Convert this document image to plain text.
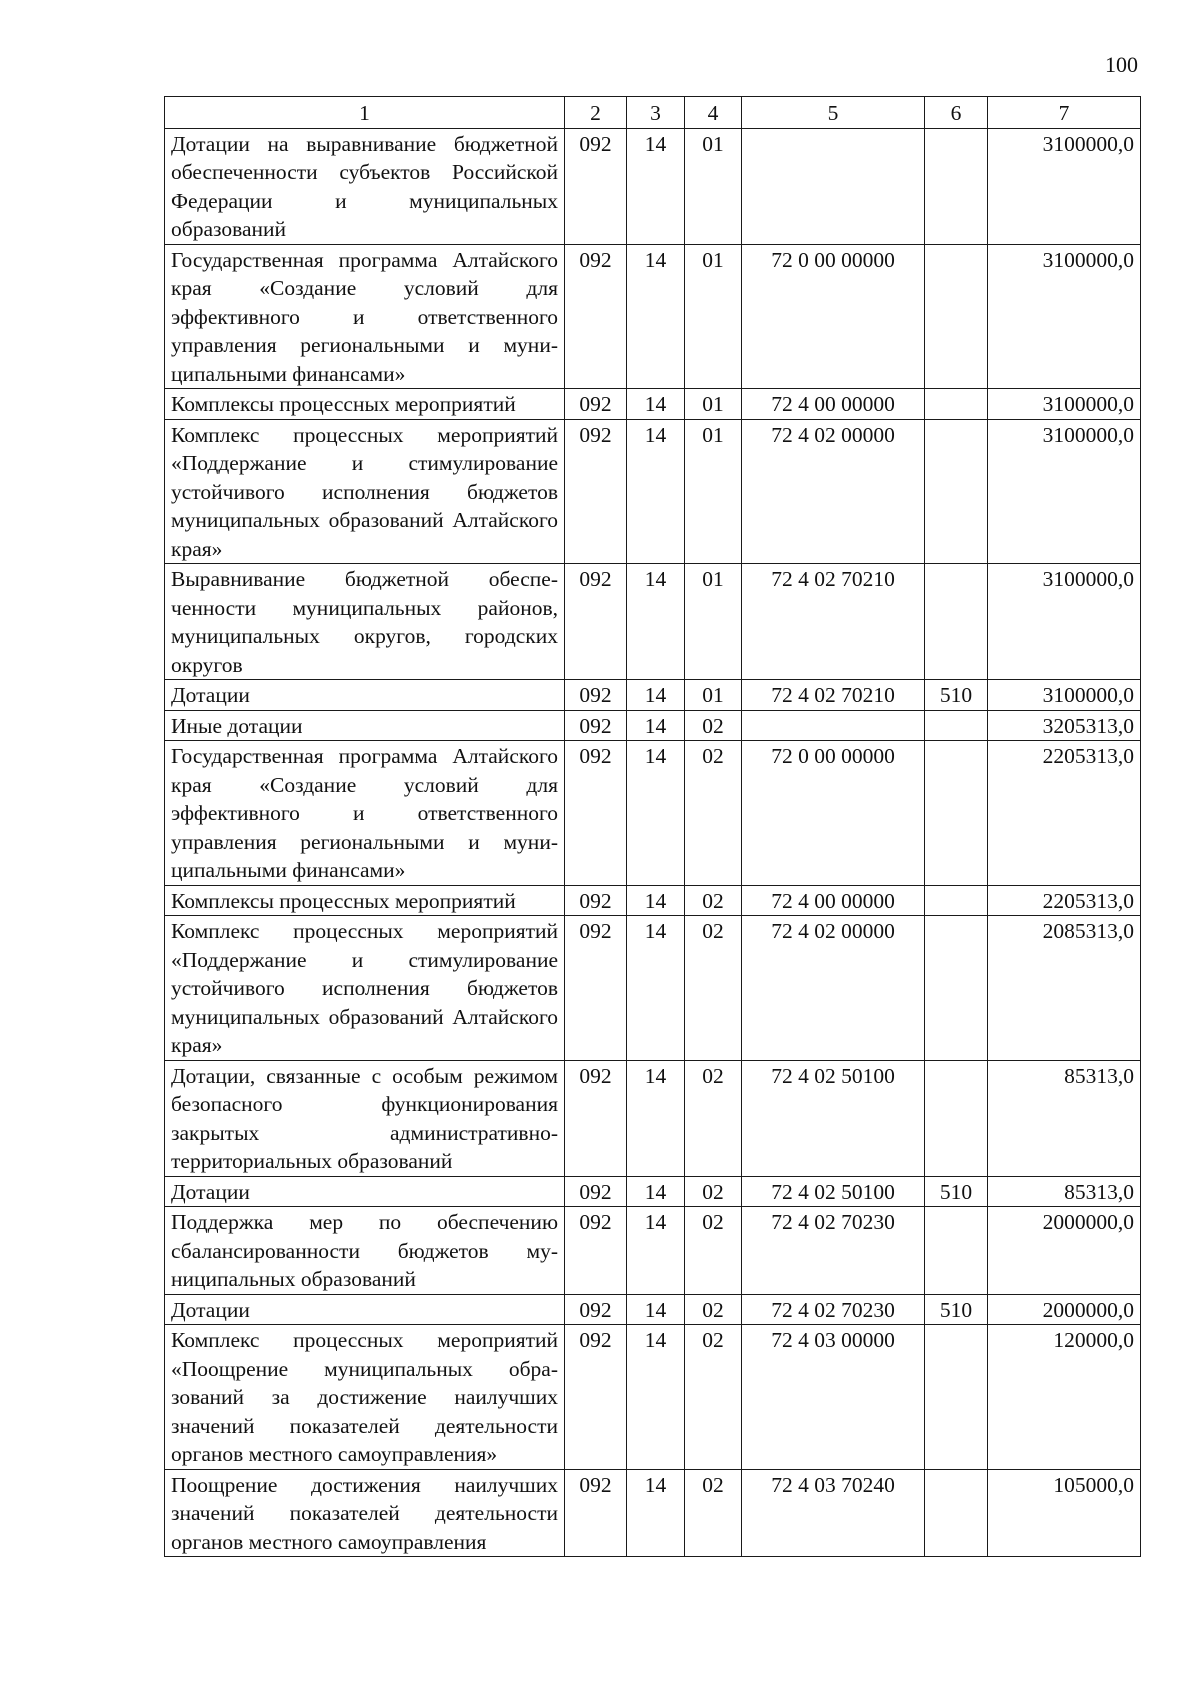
100
1	2	3	4	5	6	7
Дотации на выравнивание бюджетной обеспеченности субъектов Российской Федерации и муниципальных образований	092	14	01			3100000,0
Государственная программа Алтайского края «Создание условий для эффективного и ответственного управления региональными и муниципальными финансами»	092	14	01	72 0 00 00000		3100000,0
Комплексы процессных мероприятий	092	14	01	72 4 00 00000		3100000,0
Комплекс процессных мероприятий «Поддержание и стимулирование устойчивого исполнения бюджетов муниципальных образований Алтайского края»	092	14	01	72 4 02 00000		3100000,0
Выравнивание бюджетной обеспеченности муниципальных районов, муниципальных округов, городских округов	092	14	01	72 4 02 70210		3100000,0
Дотации	092	14	01	72 4 02 70210	510	3100000,0
Иные дотации	092	14	02			3205313,0
Государственная программа Алтайского края «Создание условий для эффективного и ответственного управления региональными и муниципальными финансами»	092	14	02	72 0 00 00000		2205313,0
Комплексы процессных мероприятий	092	14	02	72 4 00 00000		2205313,0
Комплекс процессных мероприятий «Поддержание и стимулирование устойчивого исполнения бюджетов муниципальных образований Алтайского края»	092	14	02	72 4 02 00000		2085313,0
Дотации, связанные с особым режимом безопасного функционирования закрытых административно-территориальных образований	092	14	02	72 4 02 50100		85313,0
Дотации	092	14	02	72 4 02 50100	510	85313,0
Поддержка мер по обеспечению сбалансированности бюджетов муниципальных образований	092	14	02	72 4 02 70230		2000000,0
Дотации	092	14	02	72 4 02 70230	510	2000000,0
Комплекс процессных мероприятий «Поощрение муниципальных образований за достижение наилучших значений показателей деятельности органов местного самоуправления»	092	14	02	72 4 03 00000		120000,0
Поощрение достижения наилучших значений показателей деятельности органов местного самоуправления	092	14	02	72 4 03 70240		105000,0
